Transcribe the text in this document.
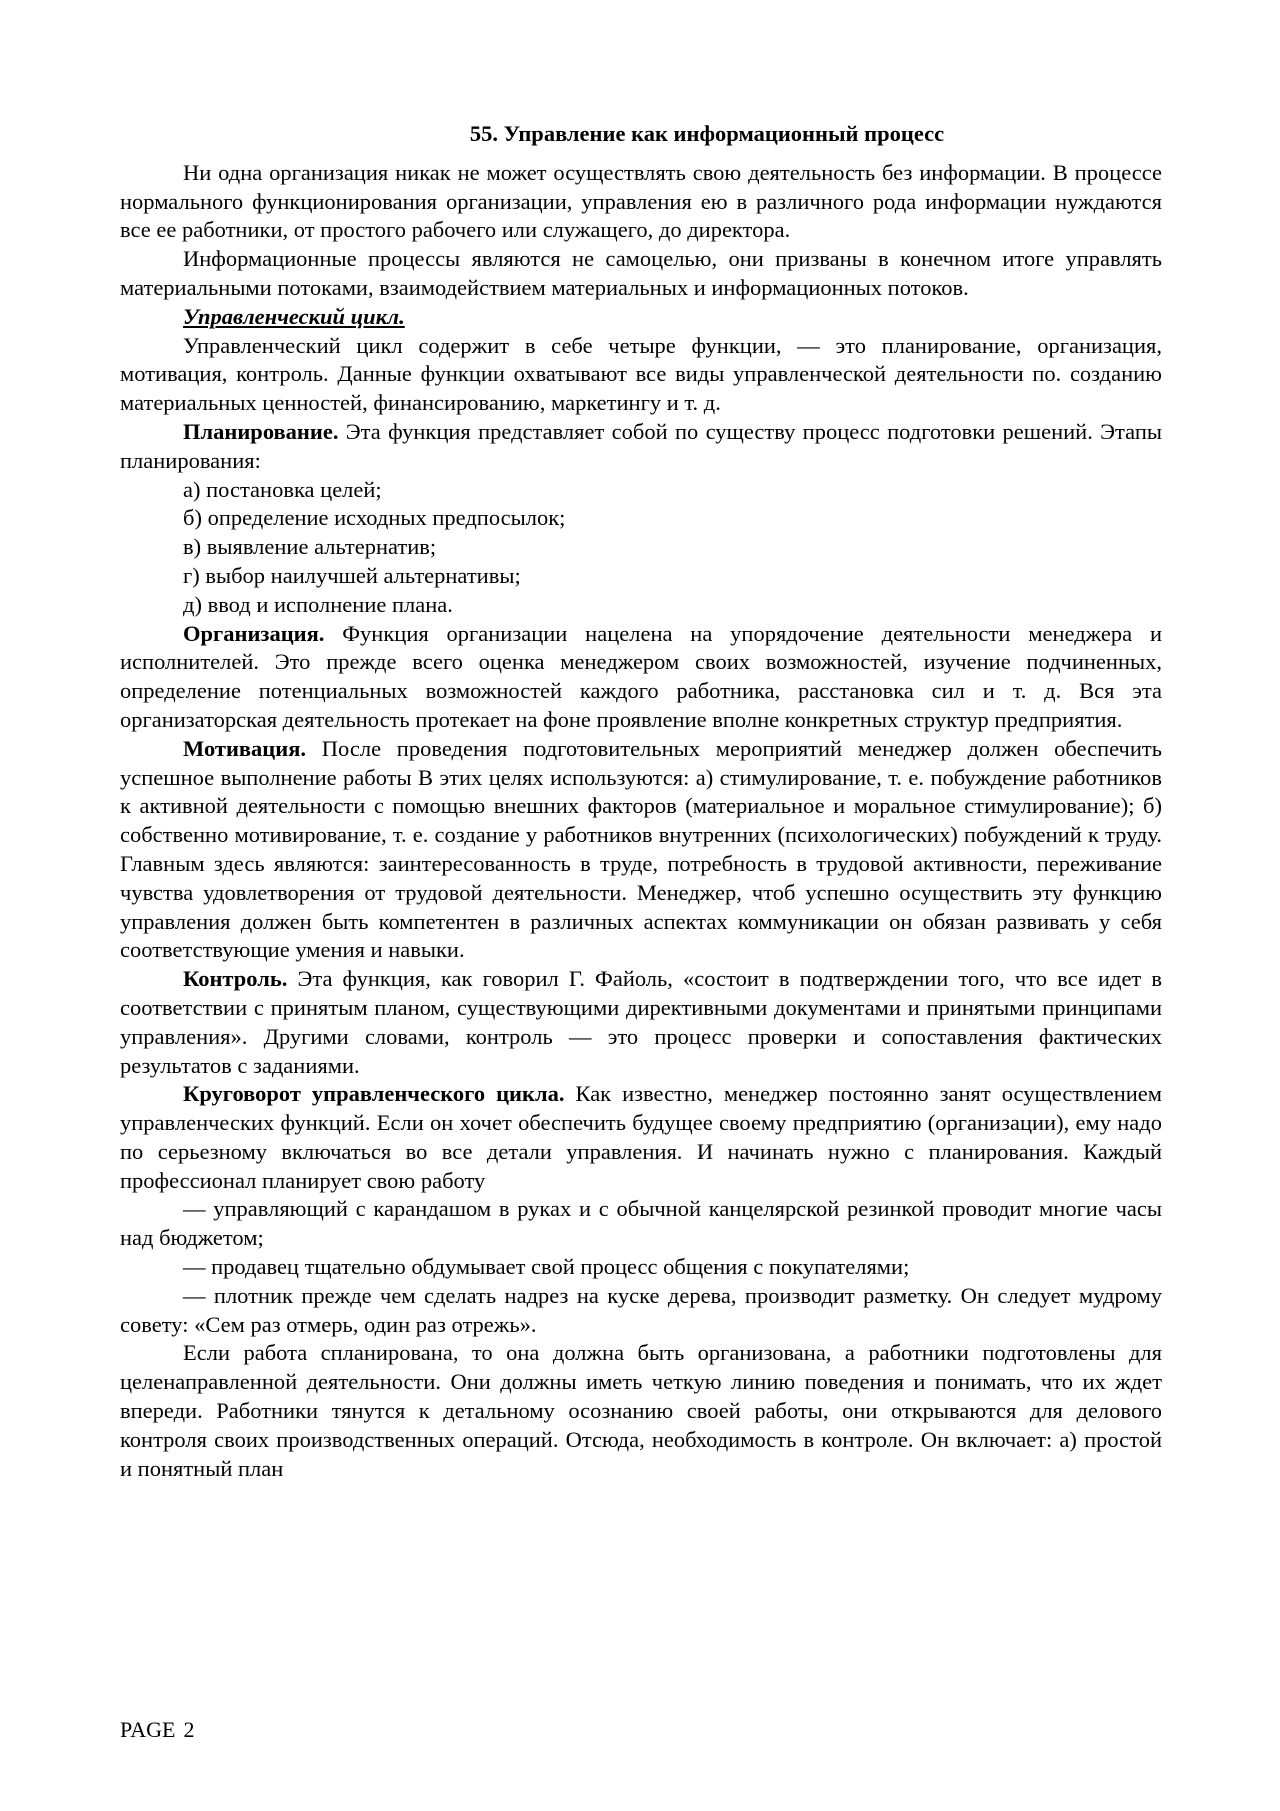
55. Управление как информационный процесс

Ни одна организация никак не может осуществлять свою деятельность без информации. В процессе нормального функционирования организации, управления ею в различного рода информации нуждаются все ее работники, от простого рабочего или служащего, до директора.

Информационные процессы являются не самоцелью, они призваны в конечном итоге управлять материальными потоками, взаимодействием материальных и информационных потоков.

Управленческий цикл.

Управленческий цикл содержит в себе четыре функции, — это планирование, организация, мотивация, контроль. Данные функции охватывают все виды управленческой деятельности по. созданию материальных ценностей, финансированию, маркетингу и т. д.

Планирование. Эта функция представляет собой по существу процесс подготовки решений. Этапы планирования:

а) постановка целей;

б) определение исходных предпосылок;

в) выявление альтернатив;

г) выбор наилучшей альтернативы;

д) ввод и исполнение плана.

Организация. Функция организации нацелена на упорядочение деятельности менеджера и исполнителей. Это прежде всего оценка менеджером своих возможностей, изучение подчиненных, определение потенциальных возможностей каждого работника, расстановка сил и т. д. Вся эта организаторская деятельность протекает на фоне проявление вполне конкретных структур предприятия.

Мотивация. После проведения подготовительных мероприятий менеджер должен обеспечить успешное выполнение работы В этих целях используются: а) стимулирование, т. е. побуждение работников к активной деятельности с помощью внешних факторов (материальное и моральное стимулирование); б) собственно мотивирование, т. е. создание у работников внутренних (психологических) побуждений к труду. Главным здесь являются: заинтересованность в труде, потребность в трудовой активности, переживание чувства удовлетворения от трудовой деятельности. Менеджер, чтоб успешно осуществить эту функцию управления должен быть компетентен в различных аспектах коммуникации он обязан развивать у себя соответствующие умения и навыки.

Контроль. Эта функция, как говорил Г. Файоль, «состоит в подтверждении того, что все идет в соответствии с принятым планом, существующими директивными документами и принятыми принципами управления». Другими словами, контроль — это процесс проверки и сопоставления фактических результатов с заданиями.

Круговорот управленческого цикла. Как известно, менеджер постоянно занят осуществлением управленческих функций. Если он хочет обеспечить будущее своему предприятию (организации), ему надо по серьезному включаться во все детали управления. И начинать нужно с планирования. Каждый профессионал планирует свою работу

— управляющий с карандашом в руках и с обычной канцелярской резинкой проводит многие часы над бюджетом;

— продавец тщательно обдумывает свой процесс общения с покупателями;

— плотник прежде чем сделать надрез на куске дерева, производит разметку. Он следует мудрому совету: «Сем раз отмерь, один раз отрежь».

Если работа спланирована, то она должна быть организована, а работники подготовлены для целенаправленной деятельности. Они должны иметь четкую линию поведения и понимать, что их ждет впереди. Работники тянутся к детальному осознанию своей работы, они открываются для делового контроля своих производственных операций. Отсюда, необходимость в контроле. Он включает: а) простой и понятный план

PAGE 2
